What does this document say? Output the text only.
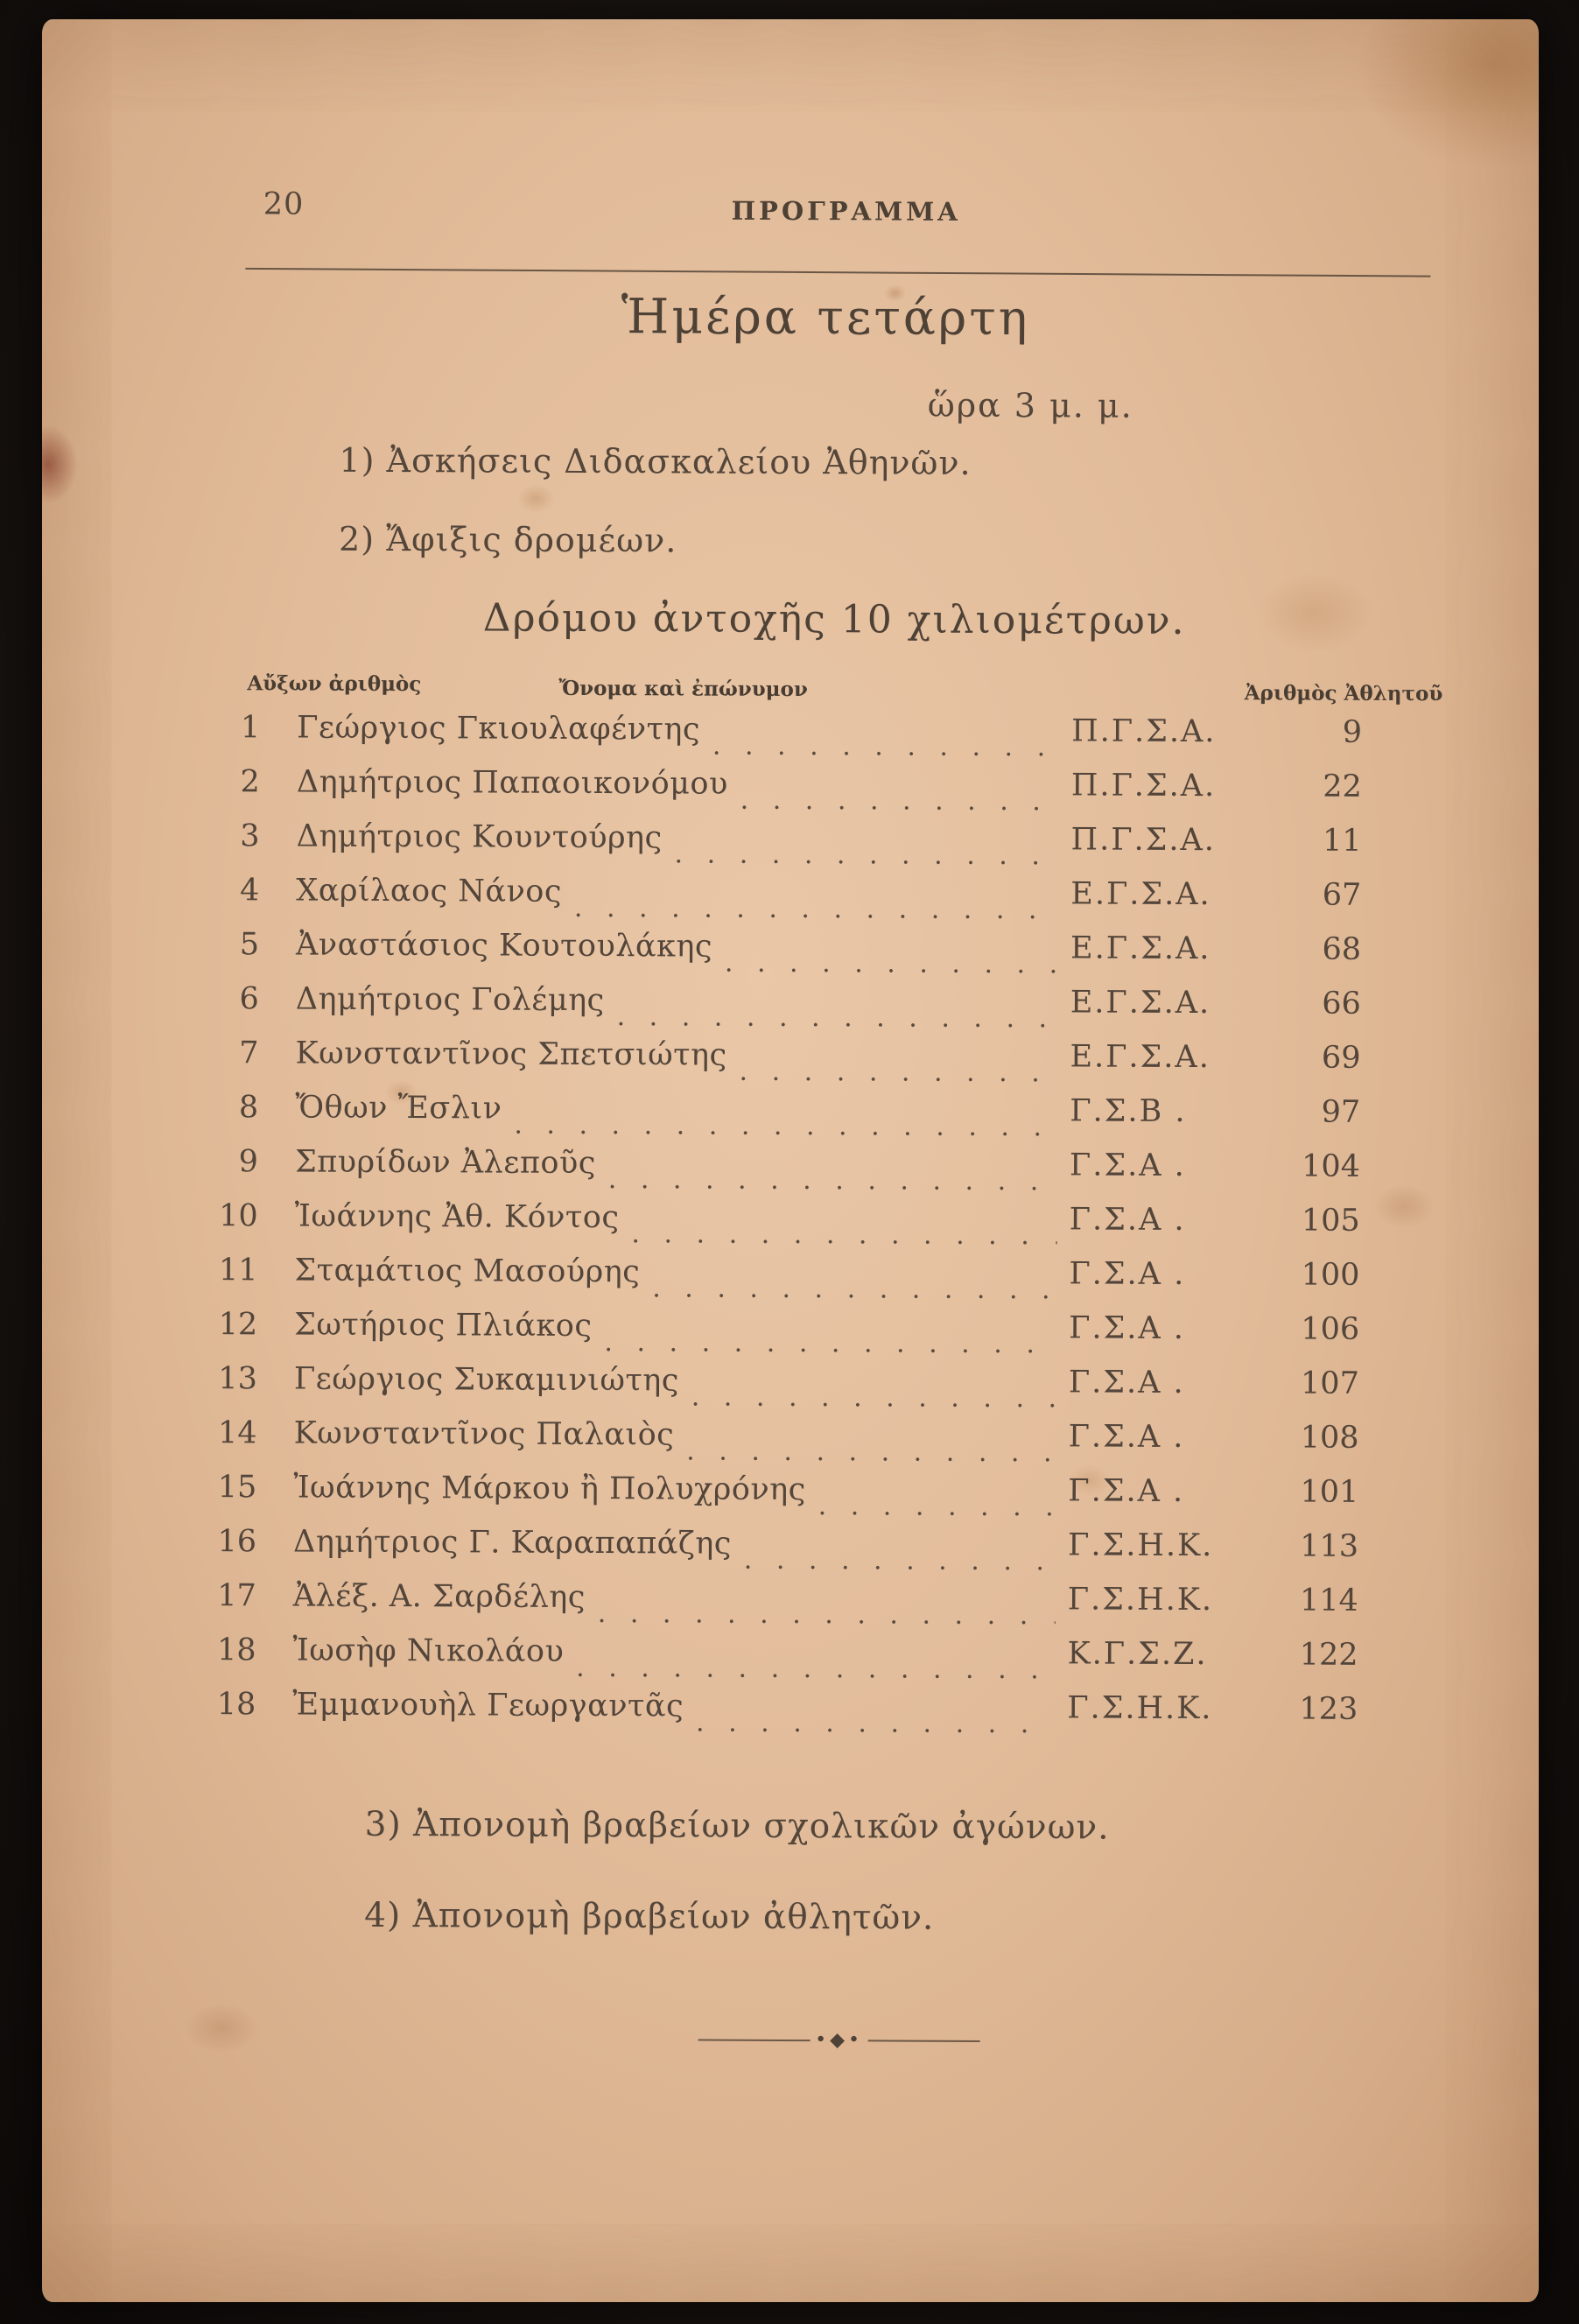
20	ΠΡΟΓΡΑΜΜΑ
Ἡμέρα τετάρτη
ὥρα 3 μ. μ.
1) Ἀσκήσεις Διδασκαλείου Ἀθηνῶν.
2) Ἄφιξις δρομέων.
Δρόμου ἀντοχῆς 10 χιλιομέτρων.
Αὔξων ἀριθμὸς	Ὄνομα καὶ ἐπώνυμον	Ἀριθμὸς Ἀθλητοῦ
1 Γεώργιος Γκιουλαφέντης . . .	Π.Γ.Σ.Α.	9
2 Δημήτριος Παπαοικονόμου . . .	Π.Γ.Σ.Α.	22
3 Δημήτριος Κουντούρης . . .	Π.Γ.Σ.Α.	11
4 Χαρίλαος Νάνος . . .	Ε.Γ.Σ.Α.	67
5 Ἀναστάσιος Κουτουλάκης . . .	Ε.Γ.Σ.Α.	68
6 Δημήτριος Γολέμης . . .	Ε.Γ.Σ.Α.	66
7 Κωνσταντῖνος Σπετσιώτης . . .	Ε.Γ.Σ.Α.	69
8 Ὄθων Ἔσλιν . . .	Γ.Σ.Β .	97
9 Σπυρίδων Ἀλεποῦς . . .	Γ.Σ.Α .	104
10 Ἰωάννης Ἀθ. Κόντος . . .	Γ.Σ.Α .	105
11 Σταμάτιος Μασούρης . . .	Γ.Σ.Α .	100
12 Σωτήριος Πλιάκος . . .	Γ.Σ.Α .	106
13 Γεώργιος Συκαμινιώτης . . .	Γ.Σ.Α .	107
14 Κωνσταντῖνος Παλαιὸς . . .	Γ.Σ.Α .	108
15 Ἰωάννης Μάρκου ἢ Πολυχρόνης . . .	Γ.Σ.Α .	101
16 Δημήτριος Γ. Καραπαπάζης . . .	Γ.Σ.Η.Κ.	113
17 Ἀλέξ. Α. Σαρδέλης . . .	Γ.Σ.Η.Κ.	114
18 Ἰωσὴφ Νικολάου . . .	Κ.Γ.Σ.Ζ.	122
18 Ἐμμανουὴλ Γεωργαντᾶς . . .	Γ.Σ.Η.Κ.	123
3) Ἀπονομὴ βραβείων σχολικῶν ἀγώνων.
4) Ἀπονομὴ βραβείων ἀθλητῶν.
•◆•
